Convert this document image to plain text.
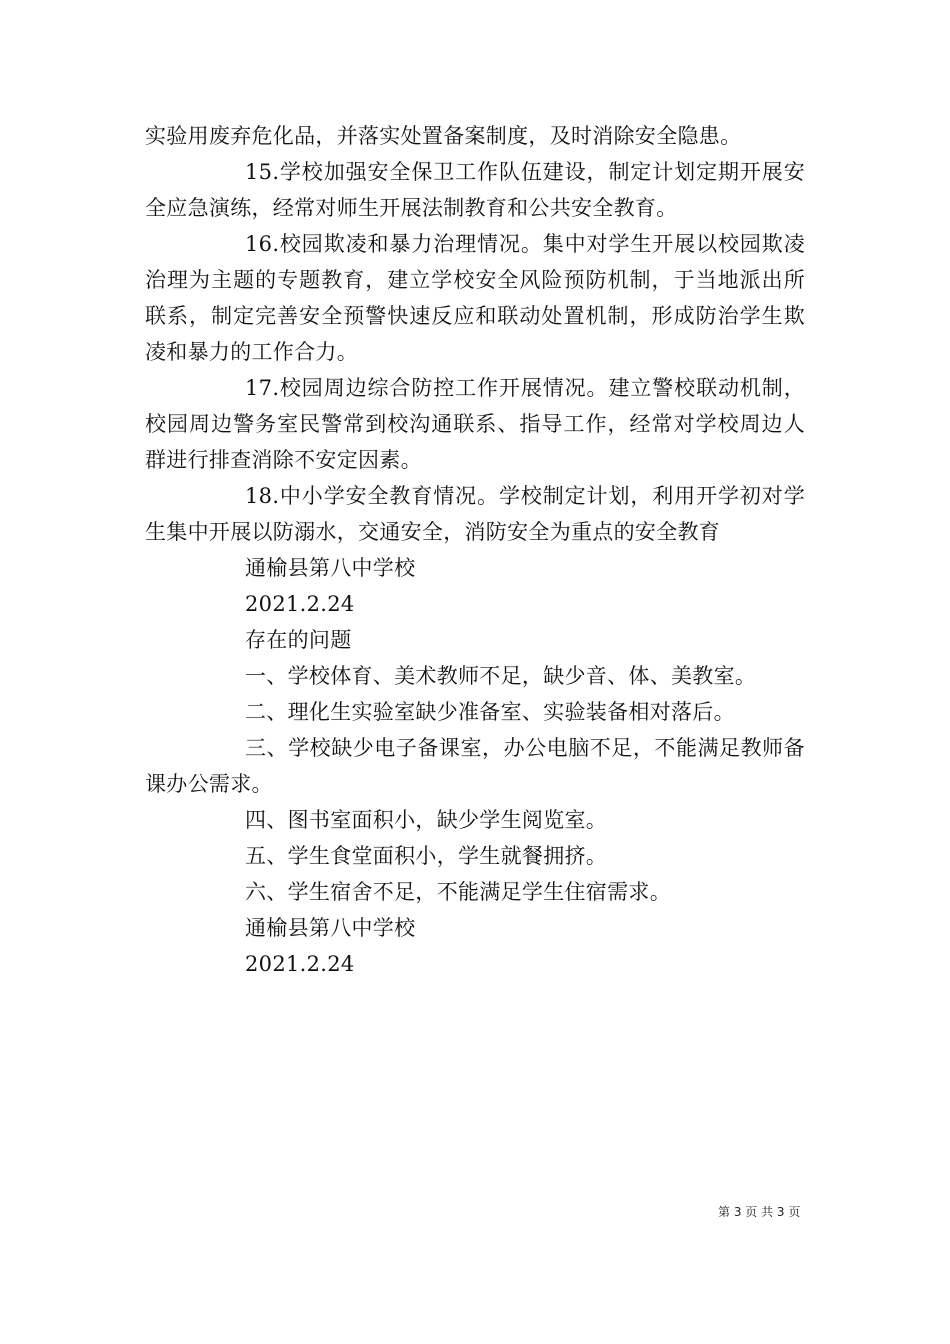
实验用废弃危化品，并落实处置备案制度，及时消除安全隐患。

15.学校加强安全保卫工作队伍建设，制定计划定期开展安全应急演练，经常对师生开展法制教育和公共安全教育。

16.校园欺凌和暴力治理情况。集中对学生开展以校园欺凌治理为主题的专题教育，建立学校安全风险预防机制，于当地派出所联系，制定完善安全预警快速反应和联动处置机制，形成防治学生欺凌和暴力的工作合力。

17.校园周边综合防控工作开展情况。建立警校联动机制，校园周边警务室民警常到校沟通联系、指导工作，经常对学校周边人群进行排查消除不安定因素。

18.中小学安全教育情况。学校制定计划，利用开学初对学生集中开展以防溺水，交通安全，消防安全为重点的安全教育

通榆县第八中学校

2021.2.24

存在的问题

一、学校体育、美术教师不足，缺少音、体、美教室。

二、理化生实验室缺少准备室、实验装备相对落后。

三、学校缺少电子备课室，办公电脑不足，不能满足教师备课办公需求。

四、图书室面积小，缺少学生阅览室。

五、学生食堂面积小，学生就餐拥挤。

六、学生宿舍不足，不能满足学生住宿需求。

通榆县第八中学校

2021.2.24

第 3 页 共 3 页
